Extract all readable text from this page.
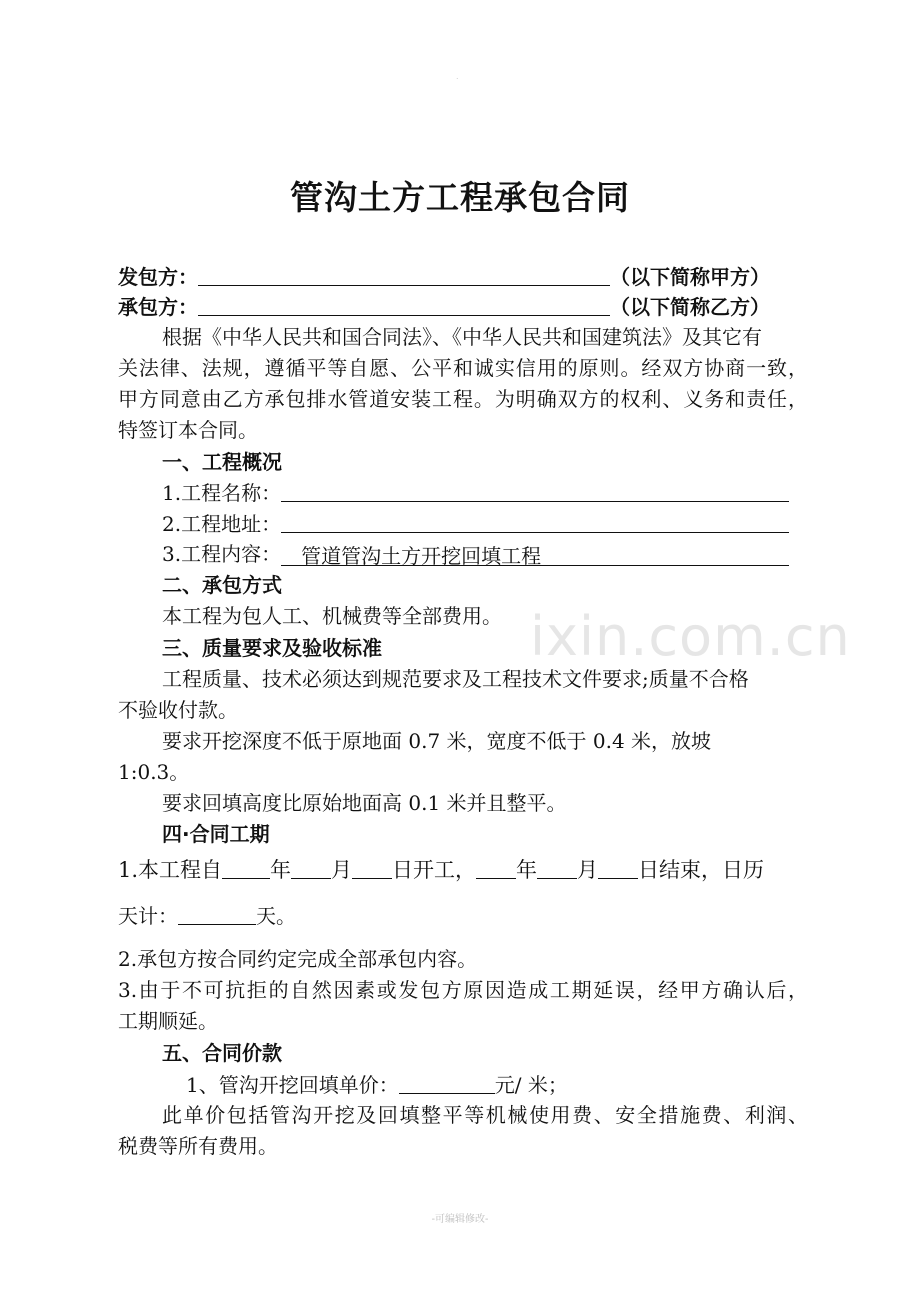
.
管沟土方工程承包合同
发包方：	（以下简称甲方）
承包方：	（以下简称乙方）
根据《中华人民共和国合同法》、《中华人民共和国建筑法》及其它有
关法律、法规，遵循平等自愿、公平和诚实信用的原则。经双方协商一致，
甲方同意由乙方承包排水管道安装工程。为明确双方的权利、义务和责任，
特签订本合同。
一、工程概况
1.工程名称：
2.工程地址：
3.工程内容： 管道管沟土方开挖回填工程
二、承包方式
本工程为包人工、机械费等全部费用。
三、质量要求及验收标准
工程质量、技术必须达到规范要求及工程技术文件要求;质量不合格
不验收付款。
要求开挖深度不低于原地面 0.7 米，宽度不低于 0.4 米，放坡
1:0.3。
要求回填高度比原始地面高 0.1 米并且整平。
四·合同工期
1.本工程自 年 月 日开工， 年 月 日结束，日历
天计：	天。
2.承包方按合同约定完成全部承包内容。
3.由于不可抗拒的自然因素或发包方原因造成工期延误，经甲方确认后，
工期顺延。
五、合同价款
1、管沟开挖回填单价：	元/ 米；
此单价包括管沟开挖及回填整平等机械使用费、安全措施费、利润、
税费等所有费用。
ixin.com.cn
-可编辑修改-
